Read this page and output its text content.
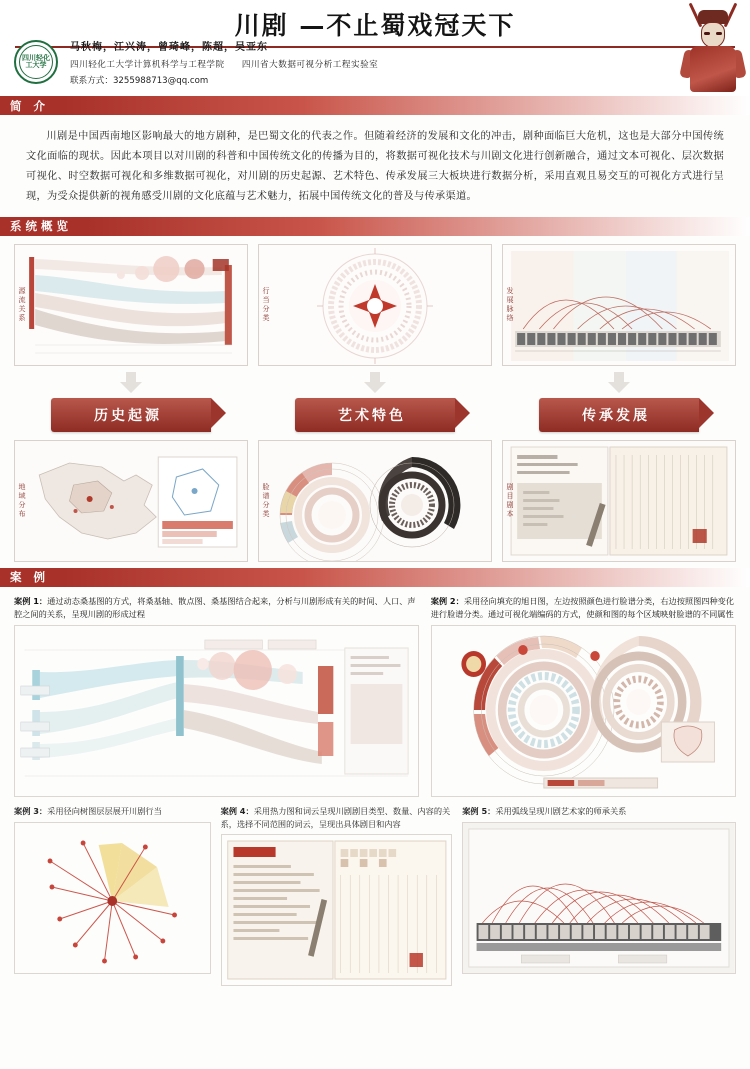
川剧 —不止蜀戏冠天下
四川轻化工大学
马秋梅，江兴涛，曾琦峰，陈超，吴亚东
四川轻化工大学计算机科学与工程学院 四川省大数据可视分析工程实验室
联系方式：3255988713@qq.com
简 介

川剧是中国西南地区影响最大的地方剧种，是巴蜀文化的代表之作。但随着经济的发展和文化的冲击，剧种面临巨大危机，这也是大部分中国传统文化面临的现状。因此本项目以对川剧的科普和中国传统文化的传播为目的，将数据可视化技术与川剧文化进行创新融合，通过文本可视化、层次数据可视化、时空数据可视化和多维数据可视化，对川剧的历史起源、艺术特色、传承发展三大板块进行数据分析，采用直观且易交互的可视化方式进行呈现，为受众提供新的视角感受川剧的文化底蕴与艺术魅力，拓展中国传统文化的普及与传承渠道。

系统概览
源流关系	行当分类	发展脉络
历史起源	艺术特色	传承发展
地域分布	脸谱分类	剧目剧本
案 例
案例 1：通过动态桑基图的方式，将桑基轴、散点图、桑基图结合起来，分析与川剧形成有关的时间、人口、声腔之间的关系，呈现川剧的形成过程
案例 2：采用径向填充的旭日图，左边按照颜色进行脸谱分类，右边按照图四种变化进行脸谱分类。通过可视化端编码的方式，使颜和图的每个区域映射脸谱的不同属性
案例 3：采用径向树图层层展开川剧行当	案例 4：采用热力图和词云呈现川剧剧目类型、数量、内容的关系，选择不同范围的词云，呈现出具体剧目和内容
案例 5：采用弧线呈现川剧艺术家的师承关系
